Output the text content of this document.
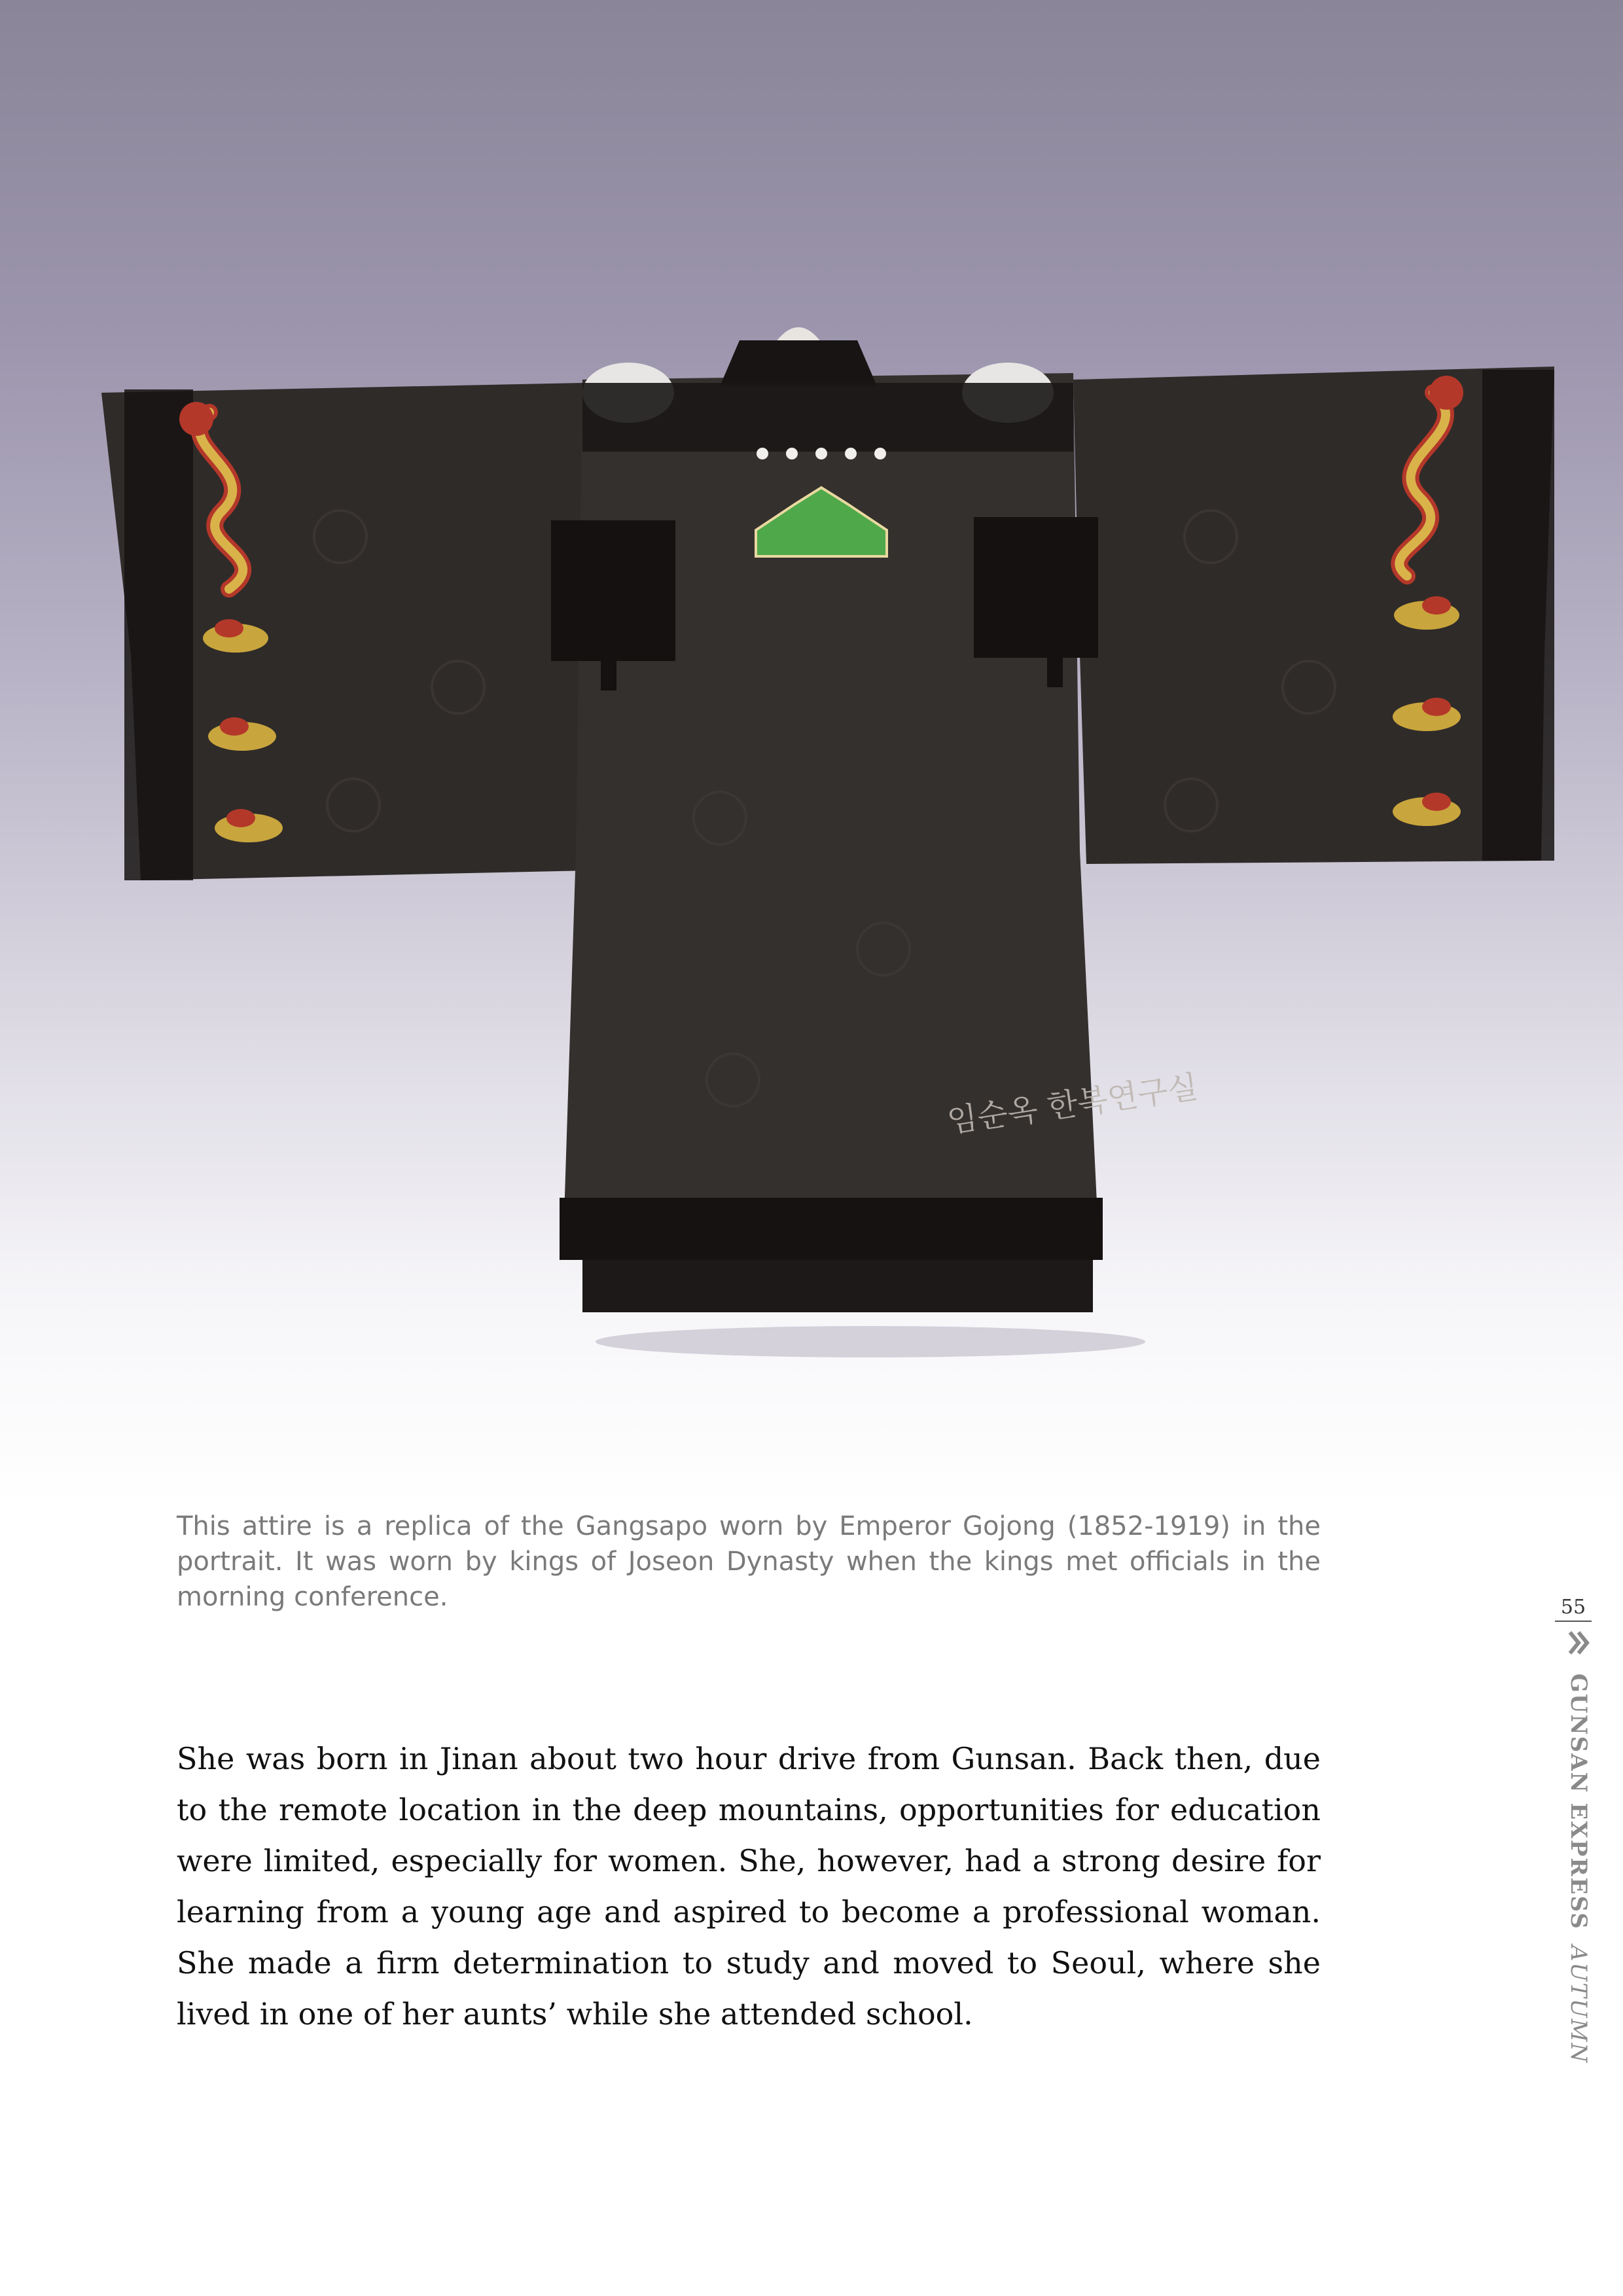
임순옥 한복연구실

This attire is a replica of the Gangsapo worn by Emperor Gojong (1852-1919) in the portrait. It was worn by kings of Joseon Dynasty when the kings met officials in the morning conference.

She was born in Jinan about two hour drive from Gunsan. Back then, due to the remote location in the deep mountains, opportunities for education were limited, especially for women. She, however, had a strong desire for learning from a young age and aspired to become a professional woman. She made a firm determination to study and moved to Seoul, where she lived in one of her aunts’ while she attended school.

55
GUNSAN EXPRESS AUTUMN
